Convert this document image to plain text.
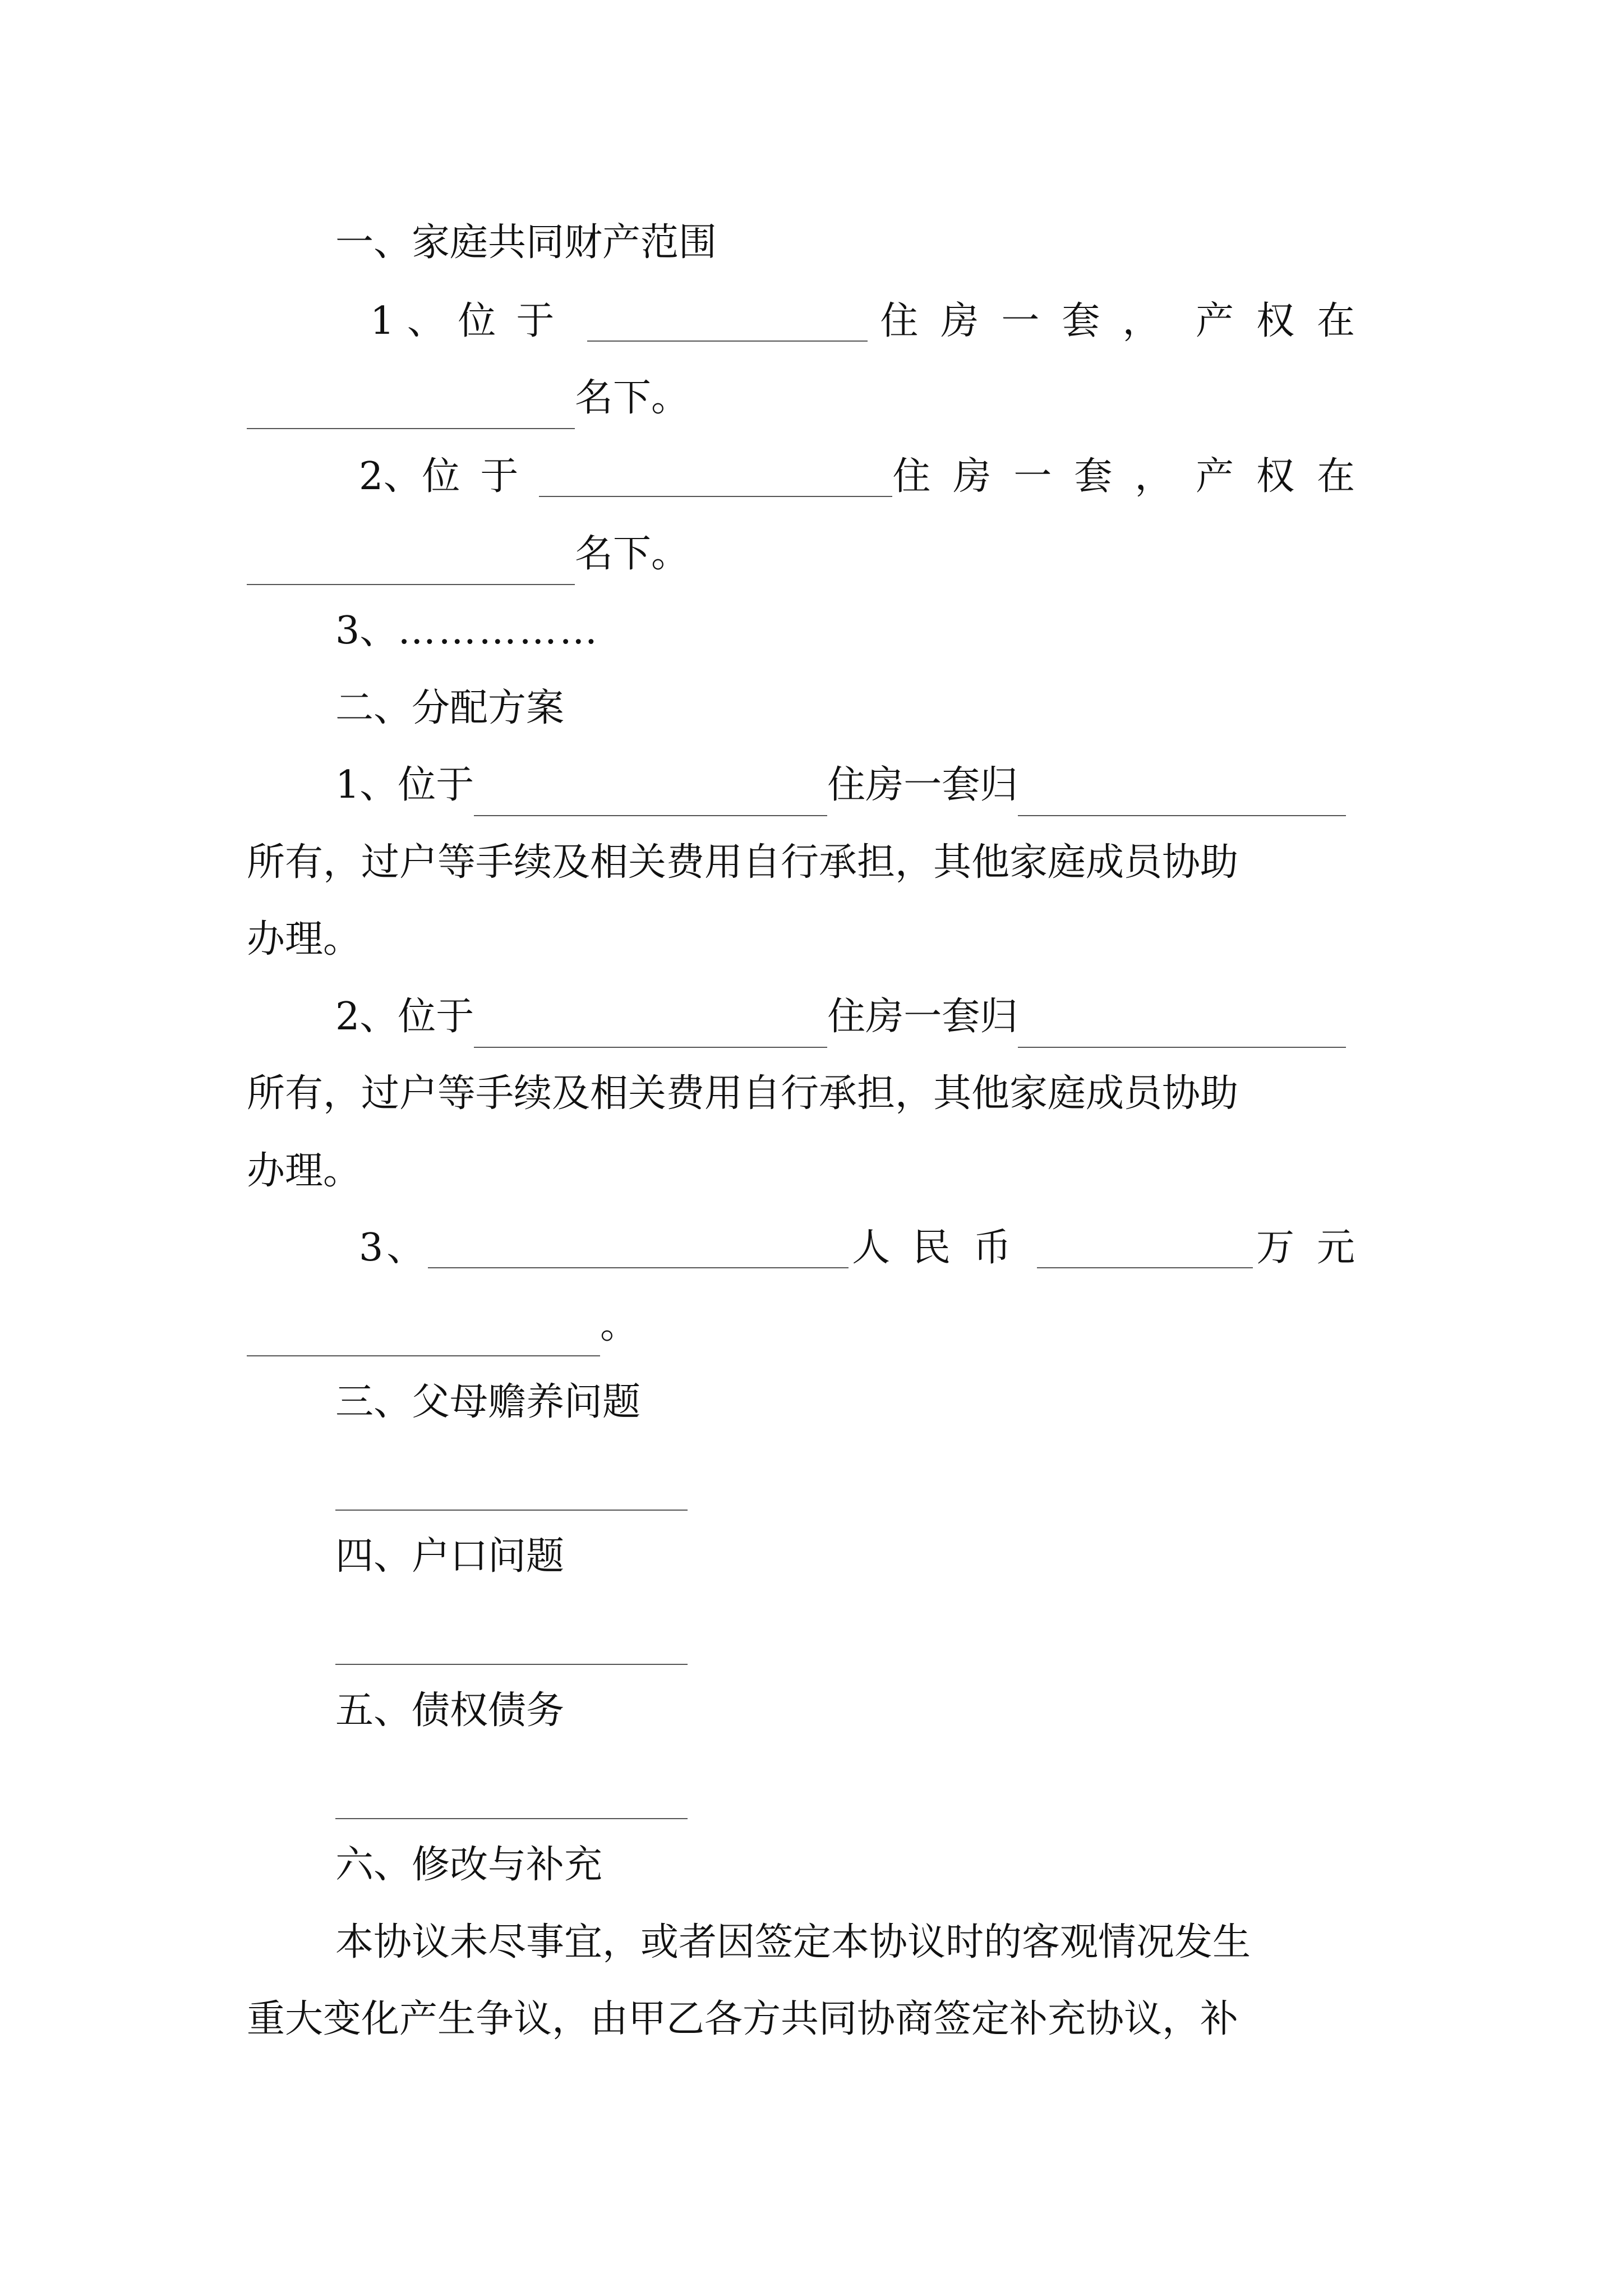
一、家庭共同财产范围
1 、 位于	住房一套， 产权在
名下。
2 、 位于	住房一套， 产权在
名下。
3、……………
二、分配方案
1、位于	住房一套归
所有，过户等手续及相关费用自行承担，其他家庭成员协助
办理。
2、位于	住房一套归
所有，过户等手续及相关费用自行承担，其他家庭成员协助
办理。
3 、	人民币	万元
。
三、父母赡养问题
四、户口问题
五、债权债务
六、修改与补充
本协议未尽事宜，或者因签定本协议时的客观情况发生
重大变化产生争议，由甲乙各方共同协商签定补充协议，补
